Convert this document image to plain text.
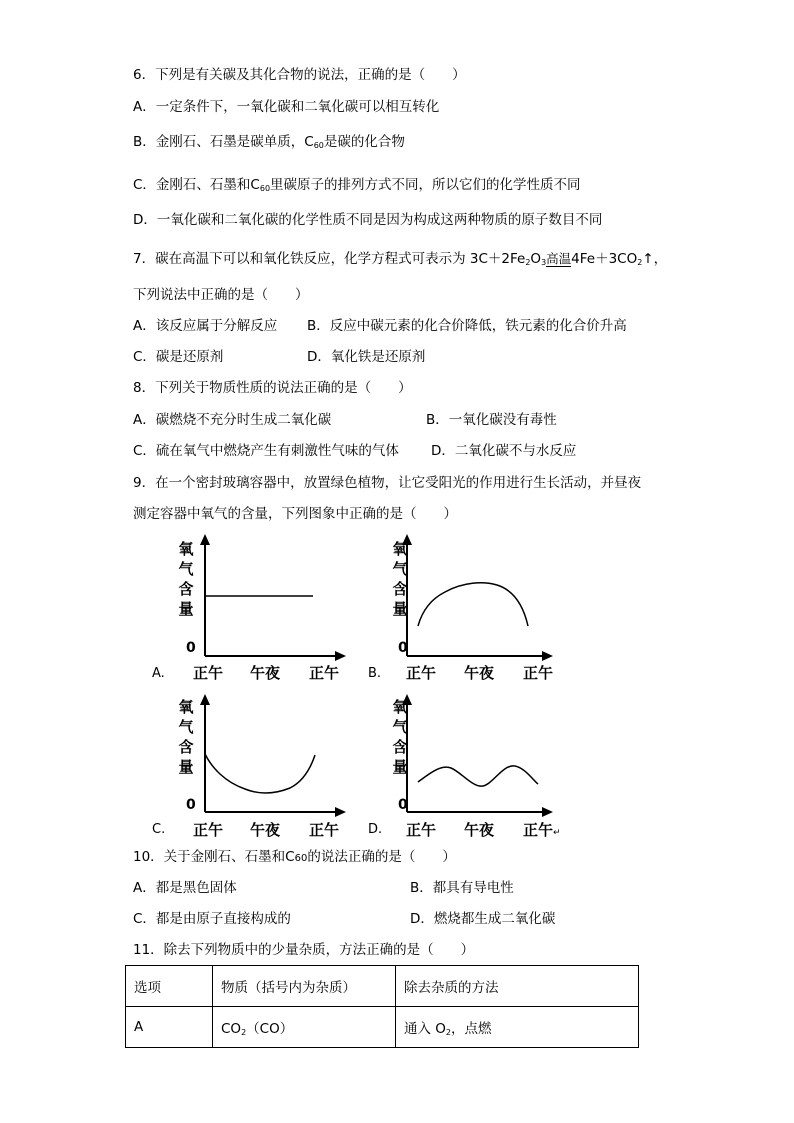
6．下列是有关碳及其化合物的说法，正确的是（　　）
A．一定条件下，一氧化碳和二氧化碳可以相互转化
B．金刚石、石墨是碳单质，$C_{60}$是碳的化合物
C．金刚石、石墨和$C_{60}$里碳原子的排列方式不同，所以它们的化学性质不同
D．一氧化碳和二氧化碳的化学性质不同是因为构成这两种物质的原子数目不同
7．碳在高温下可以和氧化铁反应，化学方程式可表示为 $3C+2Fe_2O_3$高温$4Fe+3CO_2↑$，
下列说法中正确的是（　　）
A．该反应属于分解反应 B．反应中碳元素的化合价降低，铁元素的化合价升高
C．碳是还原剂	D．氧化铁是还原剂
8．下列关于物质性质的说法正确的是（　　）
A．碳燃烧不充分时生成二氧化碳	B．一氧化碳没有毒性
C．硫在氧气中燃烧产生有刺激性气味的气体 D．二氧化碳不与水反应
9．在一个密封玻璃容器中，放置绿色植物，让它受阳光的作用进行生长活动，并昼夜
测定容器中氧气的含量，下列图象中正确的是（　　）
氧
气
含
量
0
A. 正午 午夜 正午
氧
气
含
量
0
B. 正午 午夜 正午
氧
气
含
量
0
C. 正午 午夜 正午
氧
气
含
量
0
D. 正午 午夜 正午↵
10．关于金刚石、石墨和C60的说法正确的是（　　）
A．都是黑色固体	B．都具有导电性
C．都是由原子直接构成的	D．燃烧都生成二氧化碳
11．除去下列物质中的少量杂质，方法正确的是（　　）
选项	物质（括号内为杂质）	除去杂质的方法
A	$CO_2(CO)$	通入 $O_2$，点燃
